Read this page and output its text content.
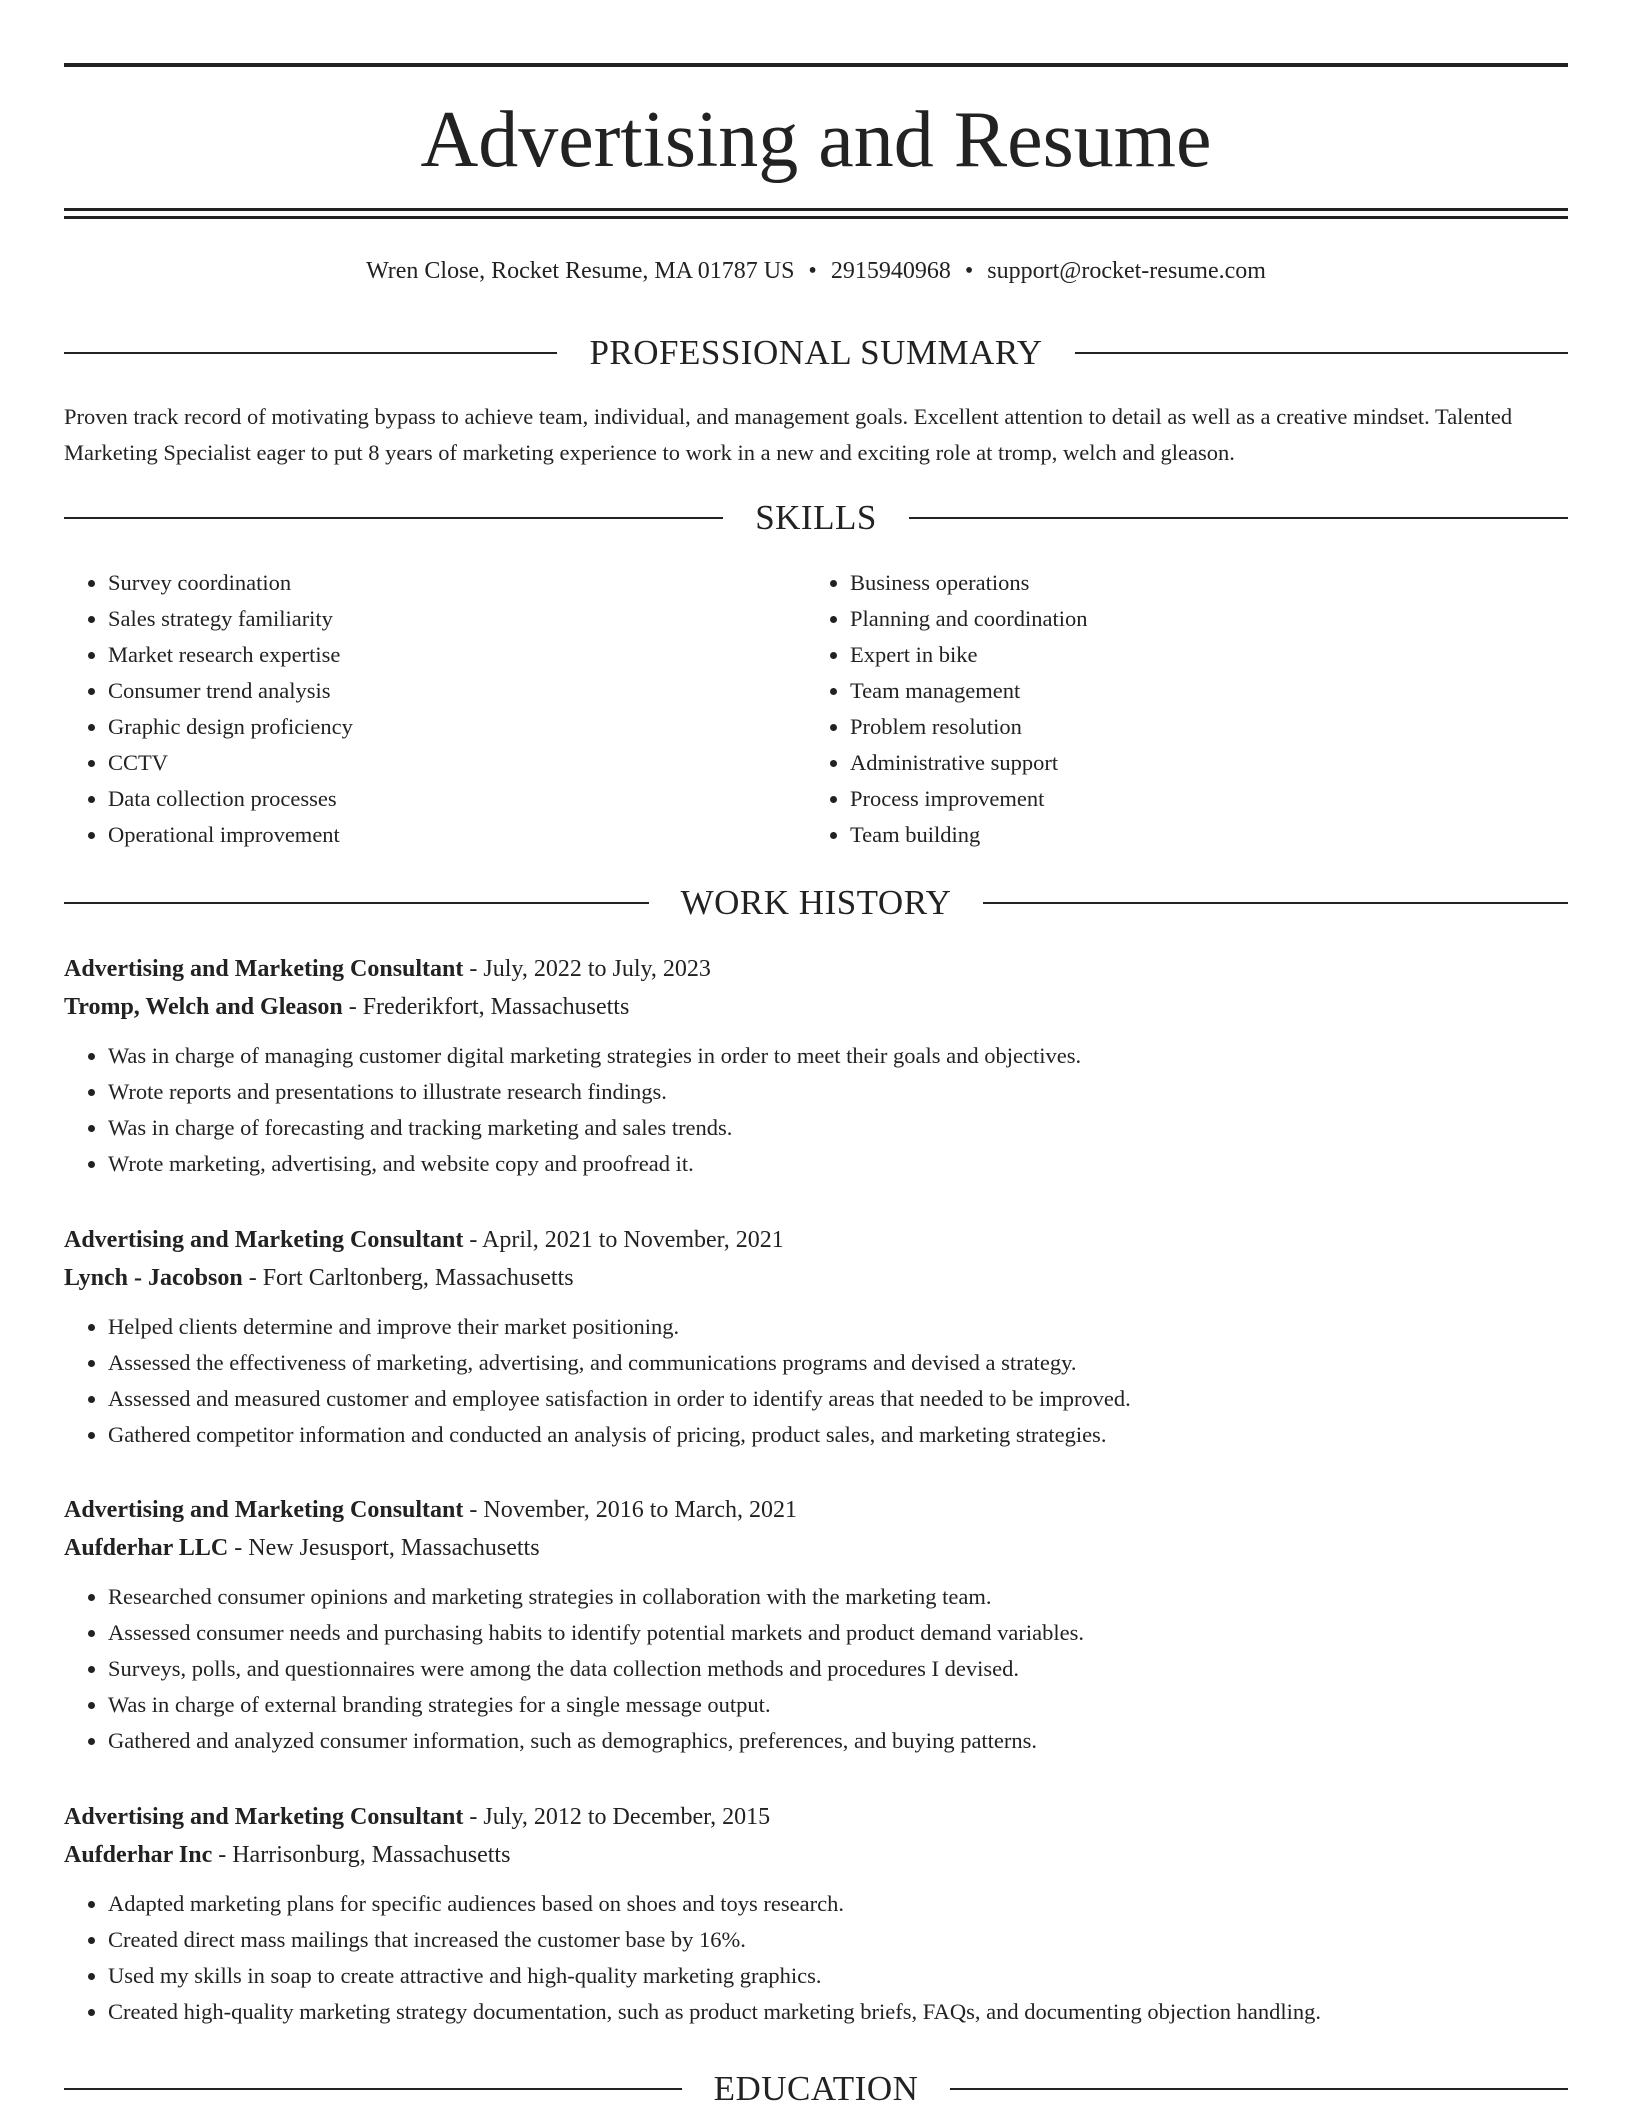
Advertising and Resume
Wren Close, Rocket Resume, MA 01787 US • 2915940968 • support@rocket-resume.com
PROFESSIONAL SUMMARY

Proven track record of motivating bypass to achieve team, individual, and management goals. Excellent attention to detail as well as a creative mindset. Talented Marketing Specialist eager to put 8 years of marketing experience to work in a new and exciting role at tromp, welch and gleason.

SKILLS
• Survey coordination
• Sales strategy familiarity
• Market research expertise
• Consumer trend analysis
• Graphic design proficiency
• CCTV
• Data collection processes
• Operational improvement
• Business operations
• Planning and coordination
• Expert in bike
• Team management
• Problem resolution
• Administrative support
• Process improvement
• Team building
WORK HISTORY
Advertising and Marketing Consultant - July, 2022 to July, 2023
Tromp, Welch and Gleason - Frederikfort, Massachusetts
• Was in charge of managing customer digital marketing strategies in order to meet their goals and objectives.
• Wrote reports and presentations to illustrate research findings.
• Was in charge of forecasting and tracking marketing and sales trends.
• Wrote marketing, advertising, and website copy and proofread it.
Advertising and Marketing Consultant - April, 2021 to November, 2021
Lynch - Jacobson - Fort Carltonberg, Massachusetts
• Helped clients determine and improve their market positioning.
• Assessed the effectiveness of marketing, advertising, and communications programs and devised a strategy.
• Assessed and measured customer and employee satisfaction in order to identify areas that needed to be improved.
• Gathered competitor information and conducted an analysis of pricing, product sales, and marketing strategies.
Advertising and Marketing Consultant - November, 2016 to March, 2021
Aufderhar LLC - New Jesusport, Massachusetts
• Researched consumer opinions and marketing strategies in collaboration with the marketing team.
• Assessed consumer needs and purchasing habits to identify potential markets and product demand variables.
• Surveys, polls, and questionnaires were among the data collection methods and procedures I devised.
• Was in charge of external branding strategies for a single message output.
• Gathered and analyzed consumer information, such as demographics, preferences, and buying patterns.
Advertising and Marketing Consultant - July, 2012 to December, 2015
Aufderhar Inc - Harrisonburg, Massachusetts
• Adapted marketing plans for specific audiences based on shoes and toys research.
• Created direct mass mailings that increased the customer base by 16%.
• Used my skills in soap to create attractive and high-quality marketing graphics.
• Created high-quality marketing strategy documentation, such as product marketing briefs, FAQs, and documenting objection handling.
EDUCATION
